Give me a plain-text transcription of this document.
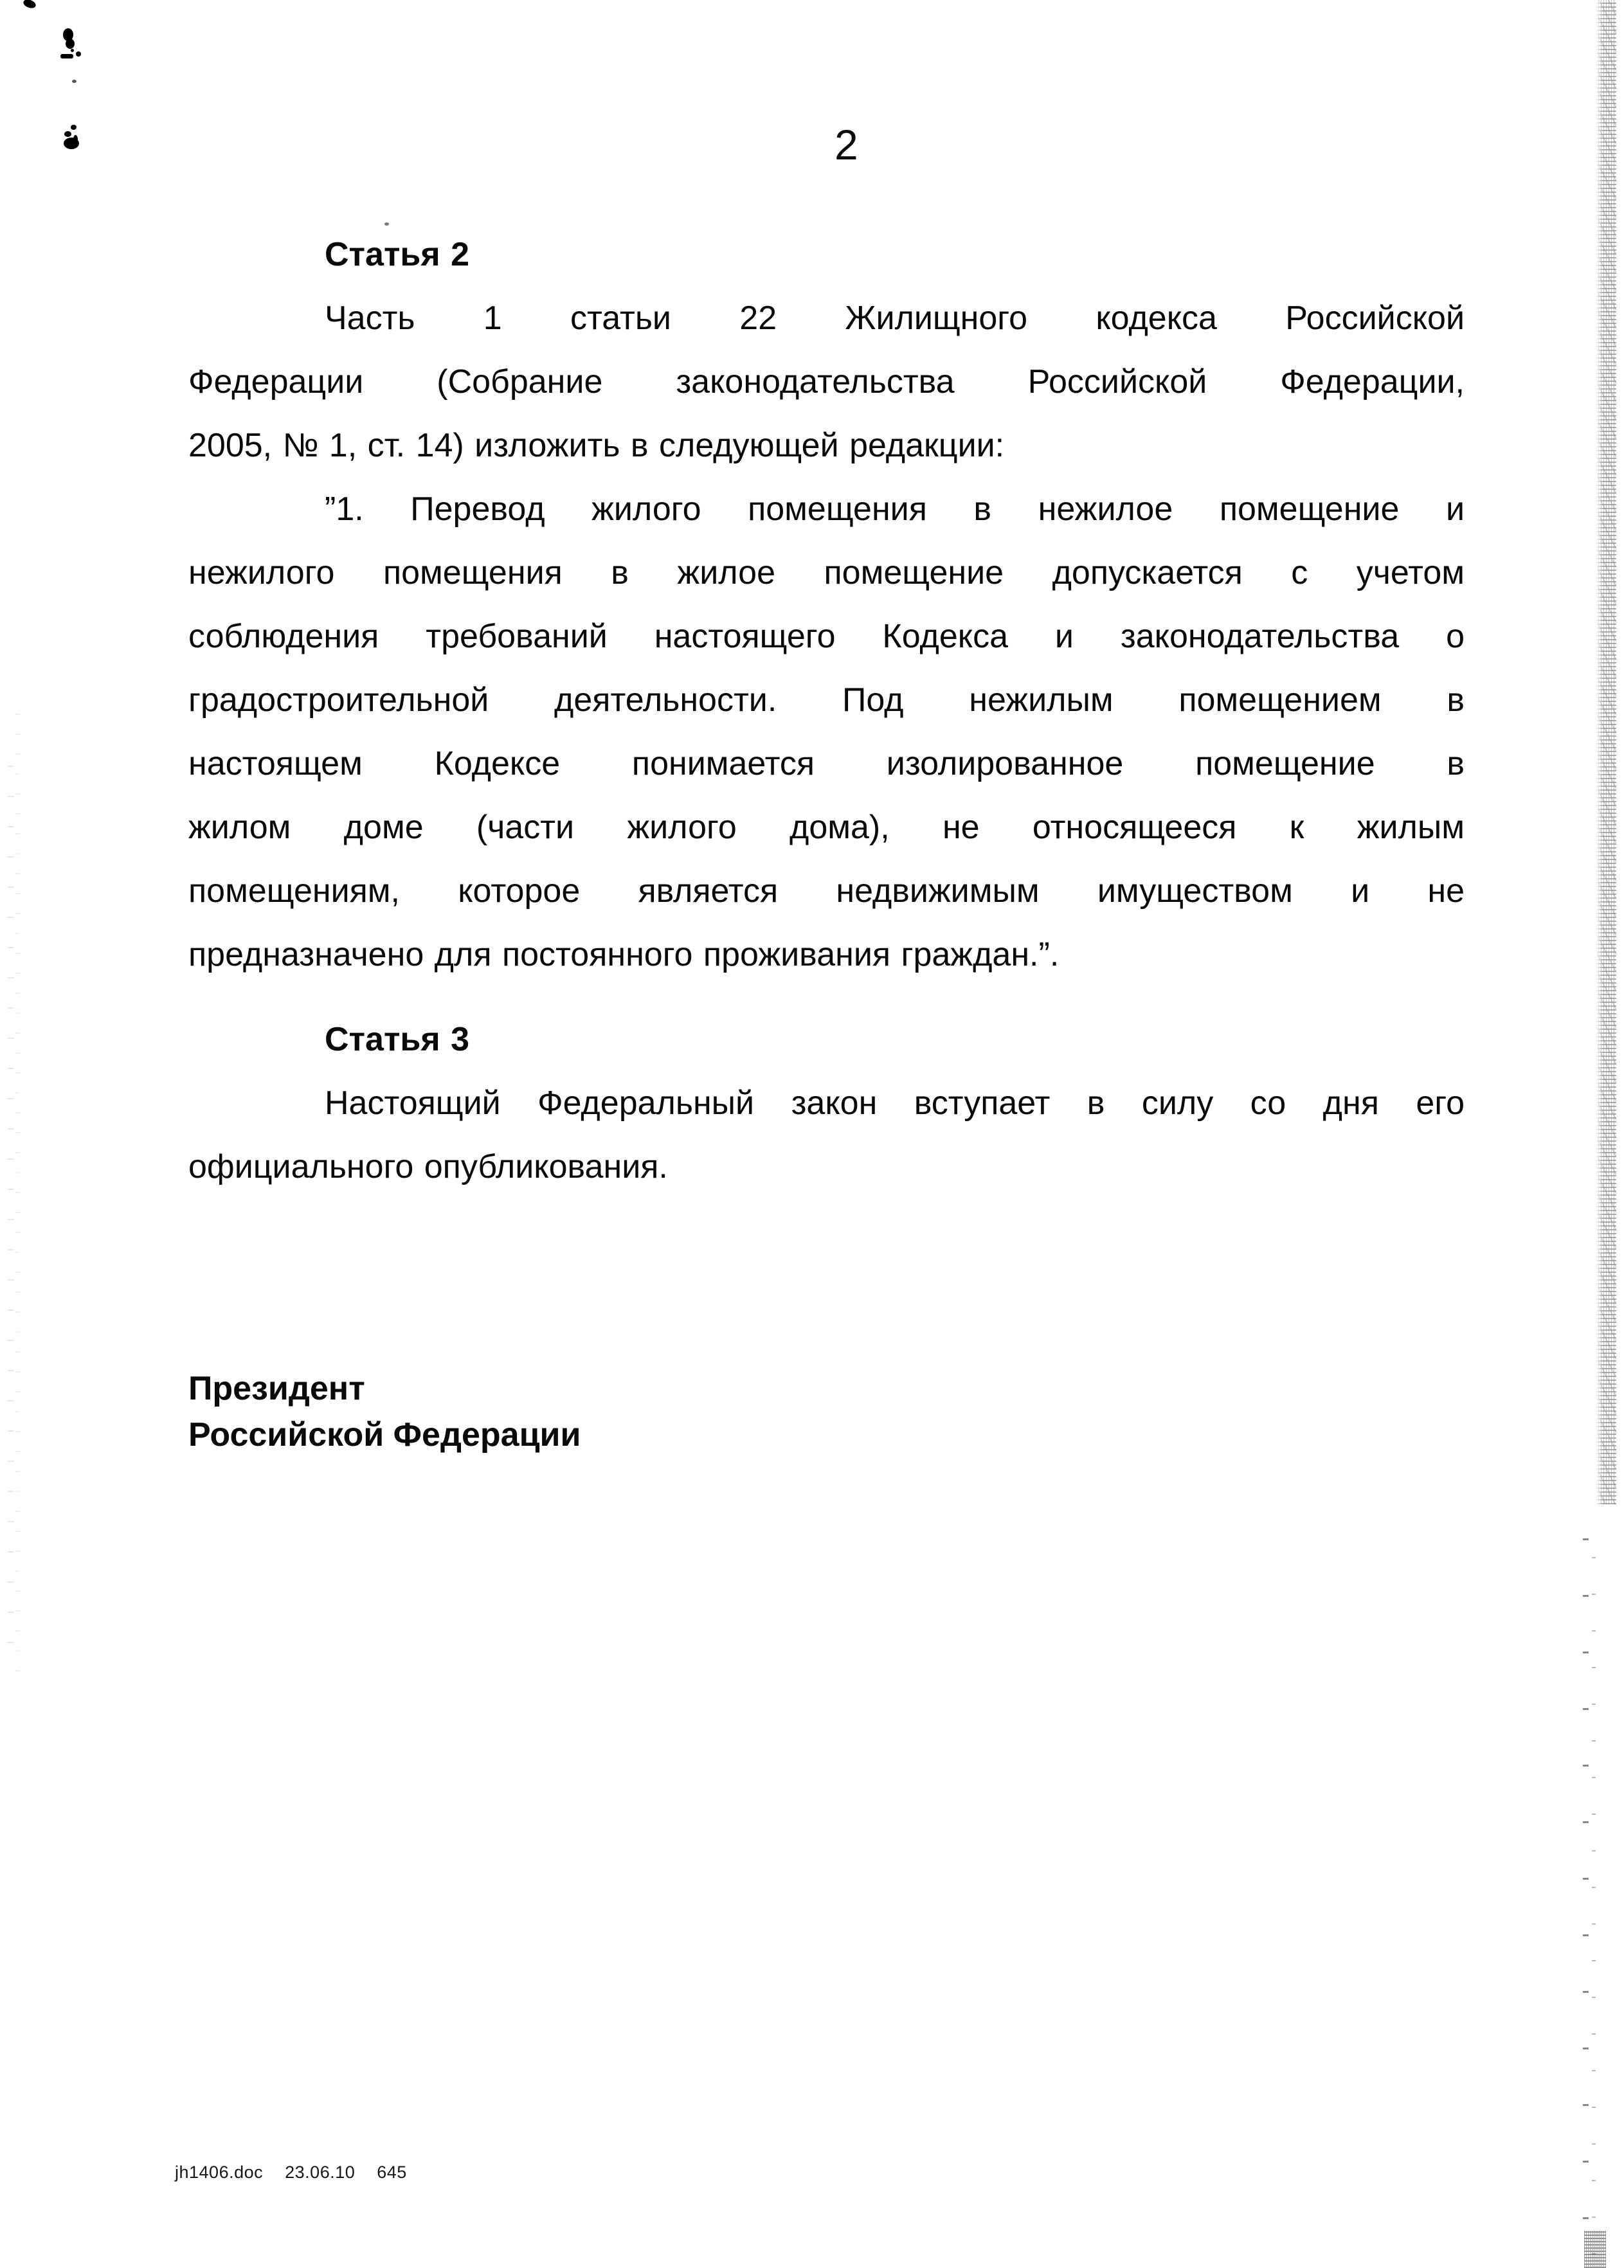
2
Статья 2
Часть 1 статьи 22 Жилищного кодекса Российской
Федерации (Собрание законодательства Российской Федерации,
2005, № 1, ст. 14) изложить в следующей редакции:
”1. Перевод жилого помещения в нежилое помещение и
нежилого помещения в жилое помещение допускается с учетом
соблюдения требований настоящего Кодекса и законодательства о
градостроительной деятельности. Под нежилым помещением в
настоящем Кодексе понимается изолированное помещение в
жилом доме (части жилого дома), не относящееся к жилым
помещениям, которое является недвижимым имуществом и не
предназначено для постоянного проживания граждан.”.
Статья 3
Настоящий Федеральный закон вступает в силу со дня его
официального опубликования.
Президент
Российской Федерации
jh1406.doc 23.06.10 645
